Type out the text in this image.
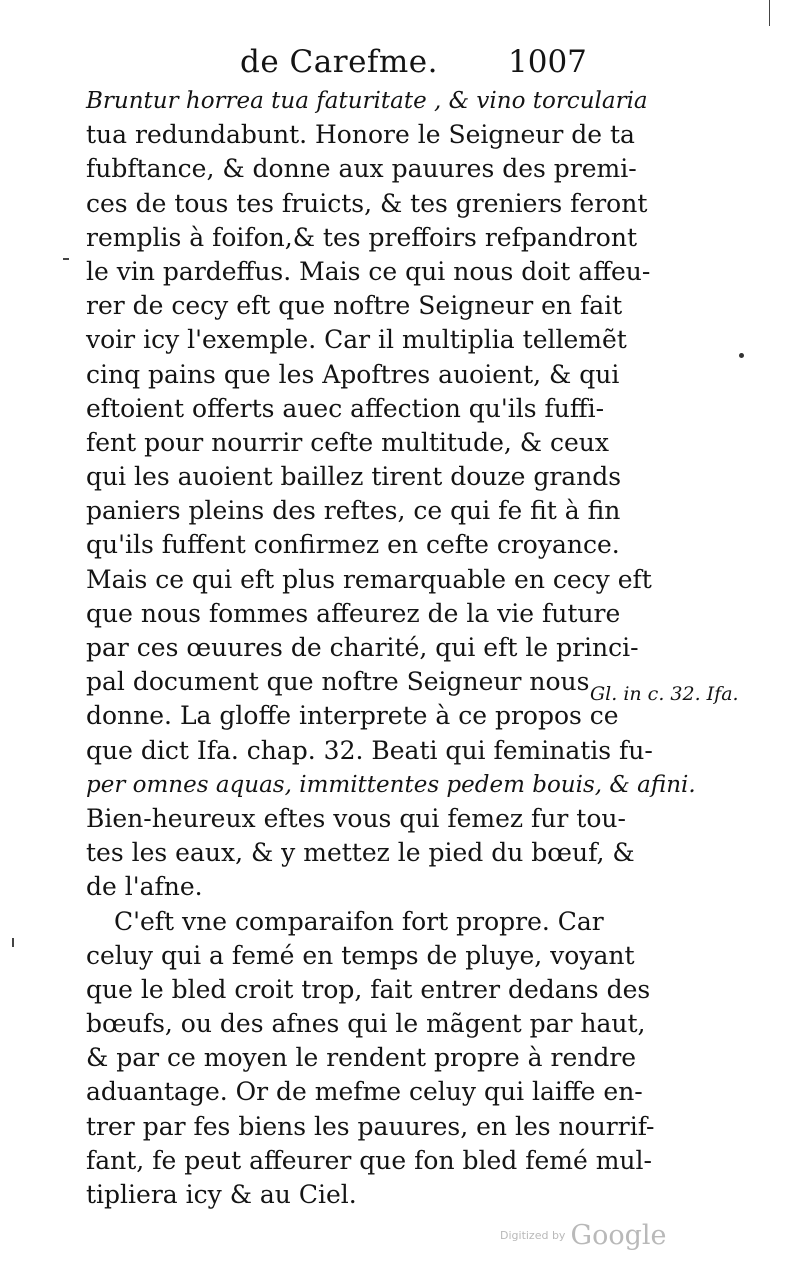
de Carefme. 1007
Bruntur horrea tua faturitate , & vino torcularia
tua redundabunt. Honore le Seigneur de ta
fubftance, & donne aux pauures des premi-
ces de tous tes fruicts, & tes greniers feront
remplis à foifon,& tes preffoirs refpandront
le vin pardeffus. Mais ce qui nous doit affeu-
rer de cecy eft que noftre Seigneur en fait
voir icy l'exemple. Car il multiplia tellemẽt
cinq pains que les Apoftres auoient, & qui
eftoient offerts auec affection qu'ils fuffi-
fent pour nourrir cefte multitude, & ceux
qui les auoient baillez tirent douze grands
paniers pleins des reftes, ce qui fe fit à fin
qu'ils fuffent confirmez en cefte croyance.
Mais ce qui eft plus remarquable en cecy eft
que nous fommes affeurez de la vie future
par ces œuures de charité, qui eft le princi-
pal document que noftre Seigneur nous
donne. La gloffe interprete à ce propos ce
que dict Ifa. chap. 32. Beati qui feminatis fu-
per omnes aquas, immittentes pedem bouis, & afini.
Bien-heureux eftes vous qui femez fur tou-
tes les eaux, & y mettez le pied du bœuf, &
de l'afne.
C'eft vne comparaifon fort propre. Car
celuy qui a femé en temps de pluye, voyant
que le bled croit trop, fait entrer dedans des
bœufs, ou des afnes qui le mãgent par haut,
& par ce moyen le rendent propre à rendre
aduantage. Or de mefme celuy qui laiffe en-
trer par fes biens les pauures, en les nourrif-
fant, fe peut affeurer que fon bled femé mul-
tipliera icy & au Ciel.
Gl. in c. 32. Ifa.
Digitized by Google
